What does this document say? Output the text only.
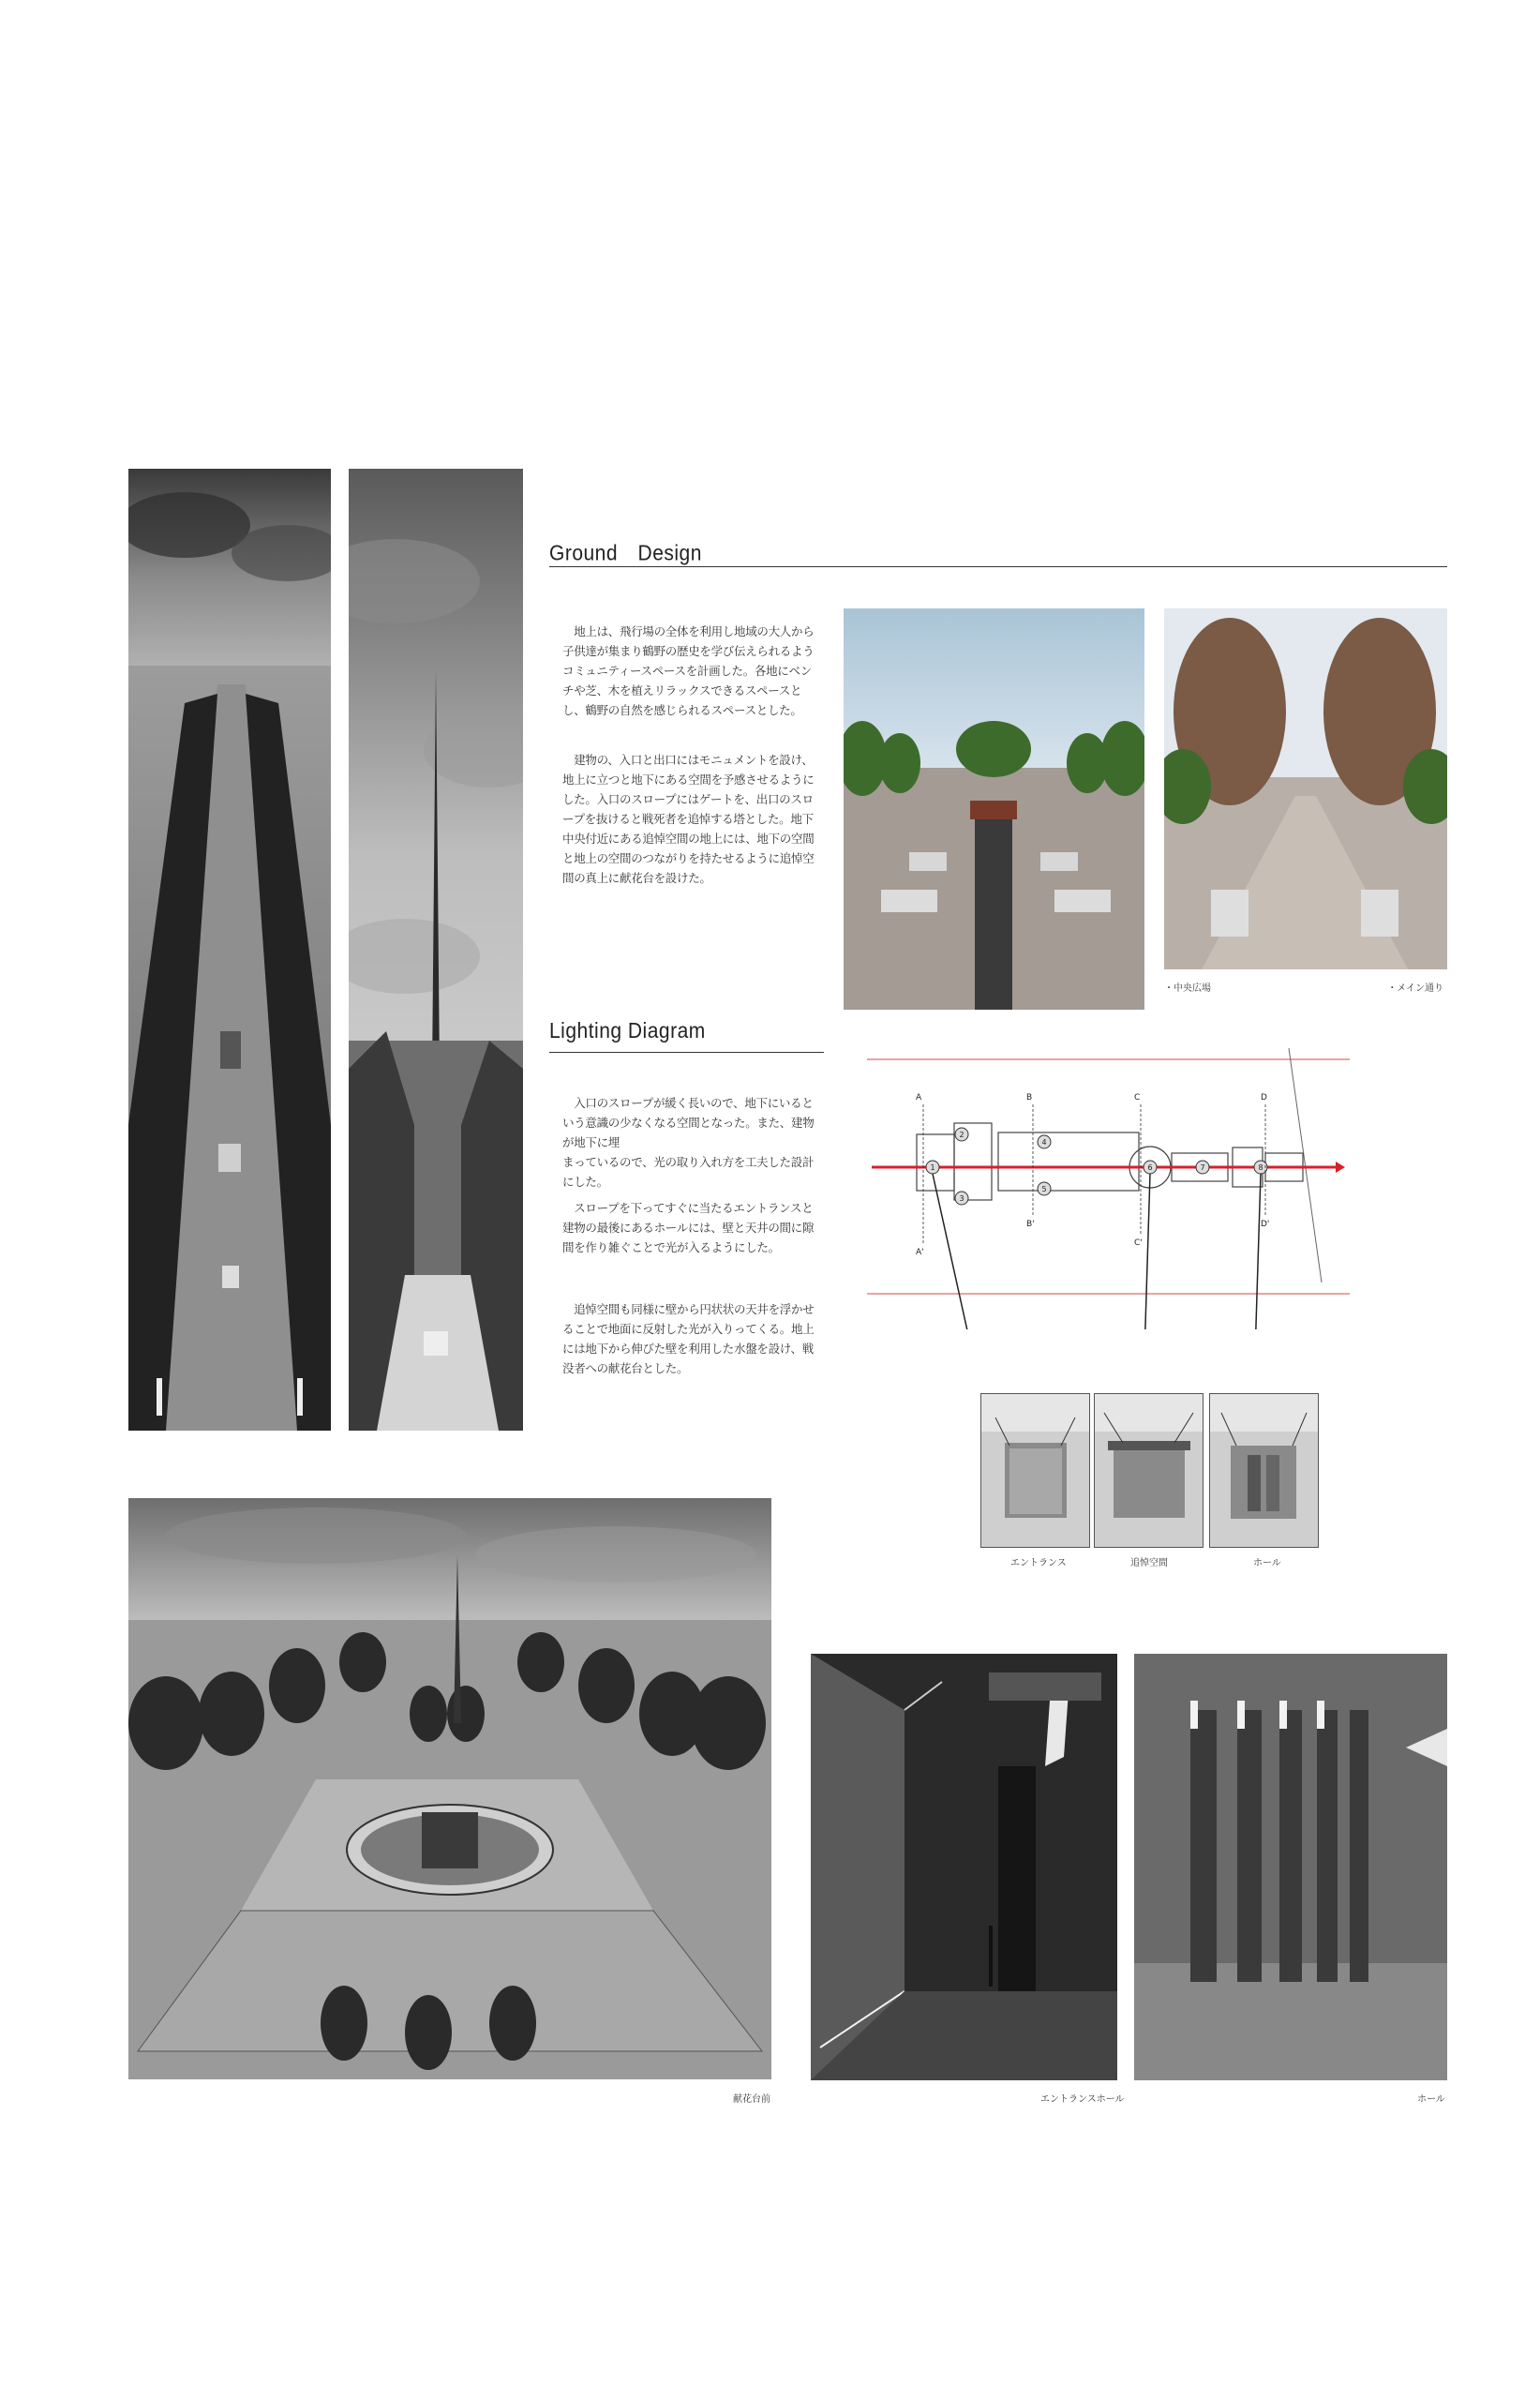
Ground　Design
　地上は、飛行場の全体を利用し地域の大人から子供達が集まり鶴野の歴史を学び伝えられるようコミュニティースペースを計画した。各地にベンチや芝、木を植えリラックスできるスペースとし、鶴野の自然を感じられるスペースとした。
　建物の、入口と出口にはモニュメントを設け、地上に立つと地下にある空間を予感させるようにした。入口のスロープにはゲートを、出口のスロープを抜けると戦死者を追悼する塔とした。地下中央付近にある追悼空間の地上には、地下の空間と地上の空間のつながりを持たせるように追悼空間の真上に献花台を設けた。
・中央広場	・メイン通り
Lighting Diagram
　入口のスロープが緩く長いので、地下にいるという意識の少なくなる空間となった。また、建物が地下に埋
まっているので、光の取り入れ方を工夫した設計にした。
　スロープを下ってすぐに当たるエントランスと建物の最後にあるホールには、壁と天井の間に隙間を作り雑ぐことで光が入るようにした。
　追悼空間も同様に壁から円状状の天井を浮かせることで地面に反射した光が入りってくる。地上には地下から伸びた壁を利用した水盤を設け、戦没者への献花台とした。
1
2
3
4
5
6	7	8
A
A'
B
B'
C
C'
D
D'
エントランス	追悼空間	ホール
献花台前	エントランスホール	ホール
